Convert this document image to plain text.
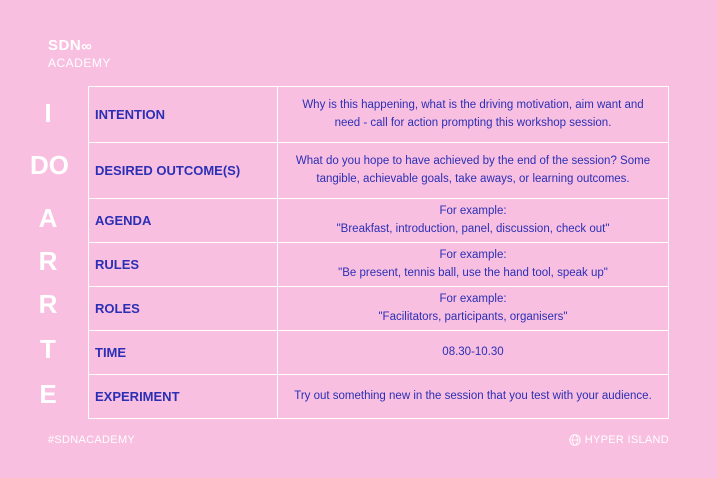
SDN∞
ACADEMY
I
DO
A
R
R
T
E
INTENTION	Why is this happening, what is the driving motivation, aim want and
need - call for action prompting this workshop session.
DESIRED OUTCOME(S)	What do you hope to have achieved by the end of the session? Some
tangible, achievable goals, take aways, or learning outcomes.
AGENDA	For example:
"Breakfast, introduction, panel, discussion, check out"
RULES	For example:
"Be present, tennis ball, use the hand tool, speak up"
ROLES	For example:
"Facilitators, participants, organisers"
TIME	08.30-10.30
EXPERIMENT	Try out something new in the session that you test with your audience.
#SDNACADEMY	HYPER ISLAND
